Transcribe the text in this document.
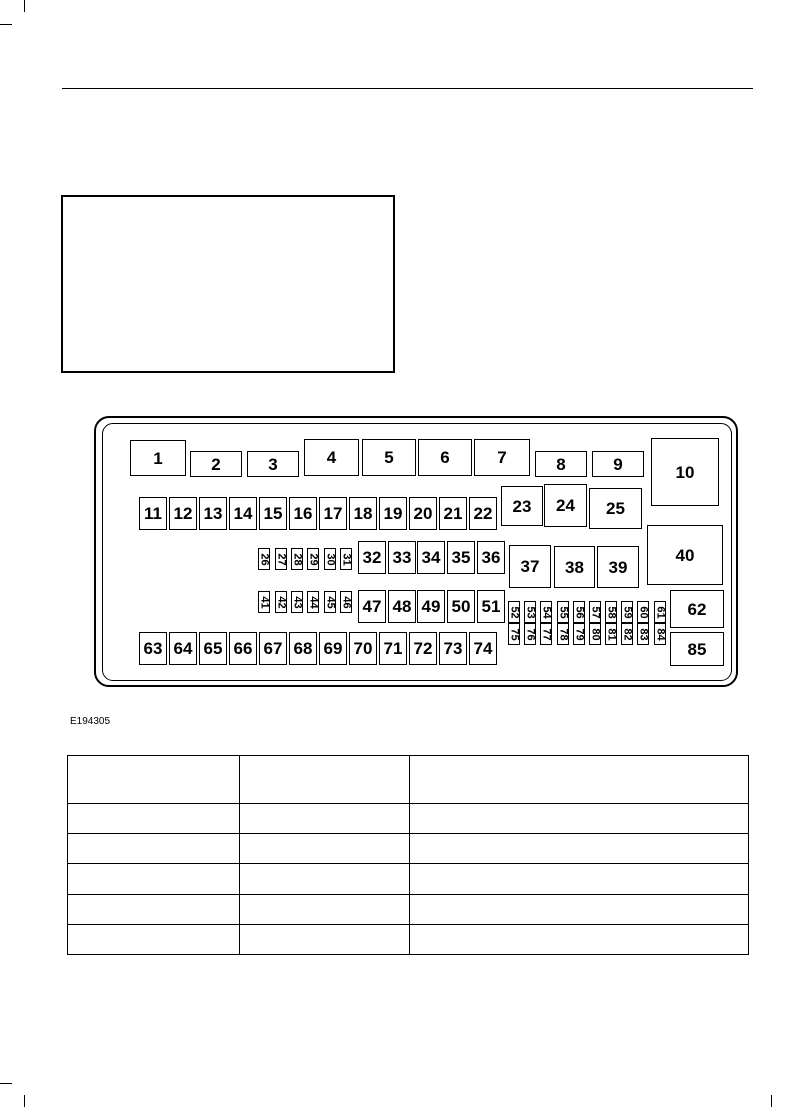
1	2	3	4	5	6	7	8	9	10
11 12 13 14 15 16 17 18 19 20 21 22 23 24 25
26 27 28 29 30 31 32 33 34 35 36 37 38 39
40
41 42 43 44 45 46 47 48 49 50 51 52 53 54 55 56 57 58 59 60 61 62
63 64 65 66 67 68 69 70 71 72 73 74
75 76 77 78 79 80 81 82 83 84
85
E194305
